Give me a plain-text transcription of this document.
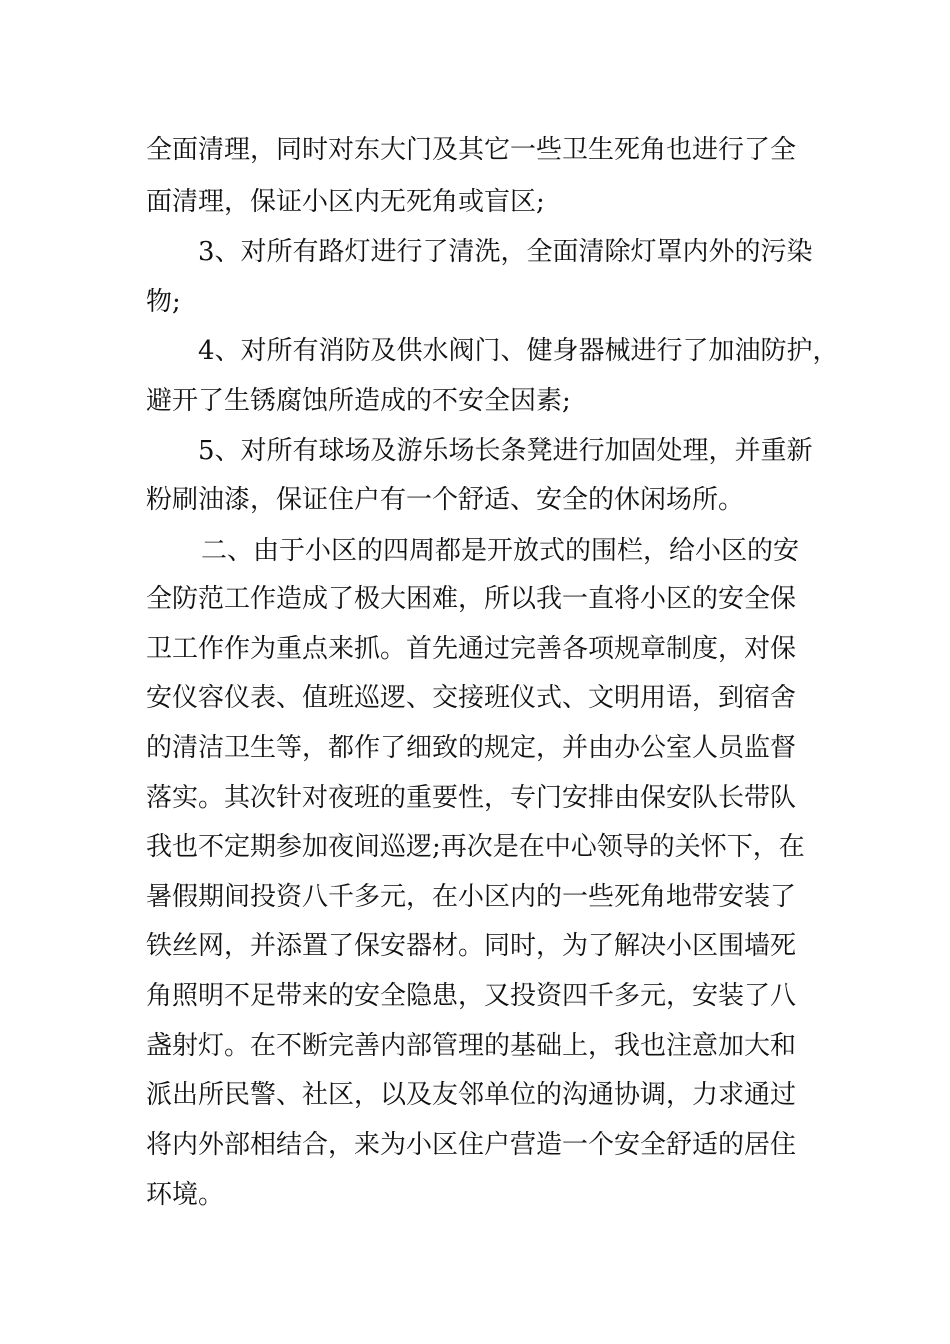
全面清理，同时对东大门及其它一些卫生死角也进行了全
面清理，保证小区内无死角或盲区;
3、对所有路灯进行了清洗，全面清除灯罩内外的污染
物;
4、对所有消防及供水阀门、健身器械进行了加油防护，
避开了生锈腐蚀所造成的不安全因素;
5、对所有球场及游乐场长条凳进行加固处理，并重新
粉刷油漆，保证住户有一个舒适、安全的休闲场所。
二、由于小区的四周都是开放式的围栏，给小区的安
全防范工作造成了极大困难，所以我一直将小区的安全保
卫工作作为重点来抓。首先通过完善各项规章制度，对保
安仪容仪表、值班巡逻、交接班仪式、文明用语，到宿舍
的清洁卫生等，都作了细致的规定，并由办公室人员监督
落实。其次针对夜班的重要性，专门安排由保安队长带队
我也不定期参加夜间巡逻;再次是在中心领导的关怀下，在
暑假期间投资八千多元，在小区内的一些死角地带安装了
铁丝网，并添置了保安器材。同时，为了解决小区围墙死
角照明不足带来的安全隐患，又投资四千多元，安装了八
盏射灯。在不断完善内部管理的基础上，我也注意加大和
派出所民警、社区，以及友邻单位的沟通协调，力求通过
将内外部相结合，来为小区住户营造一个安全舒适的居住
环境。
